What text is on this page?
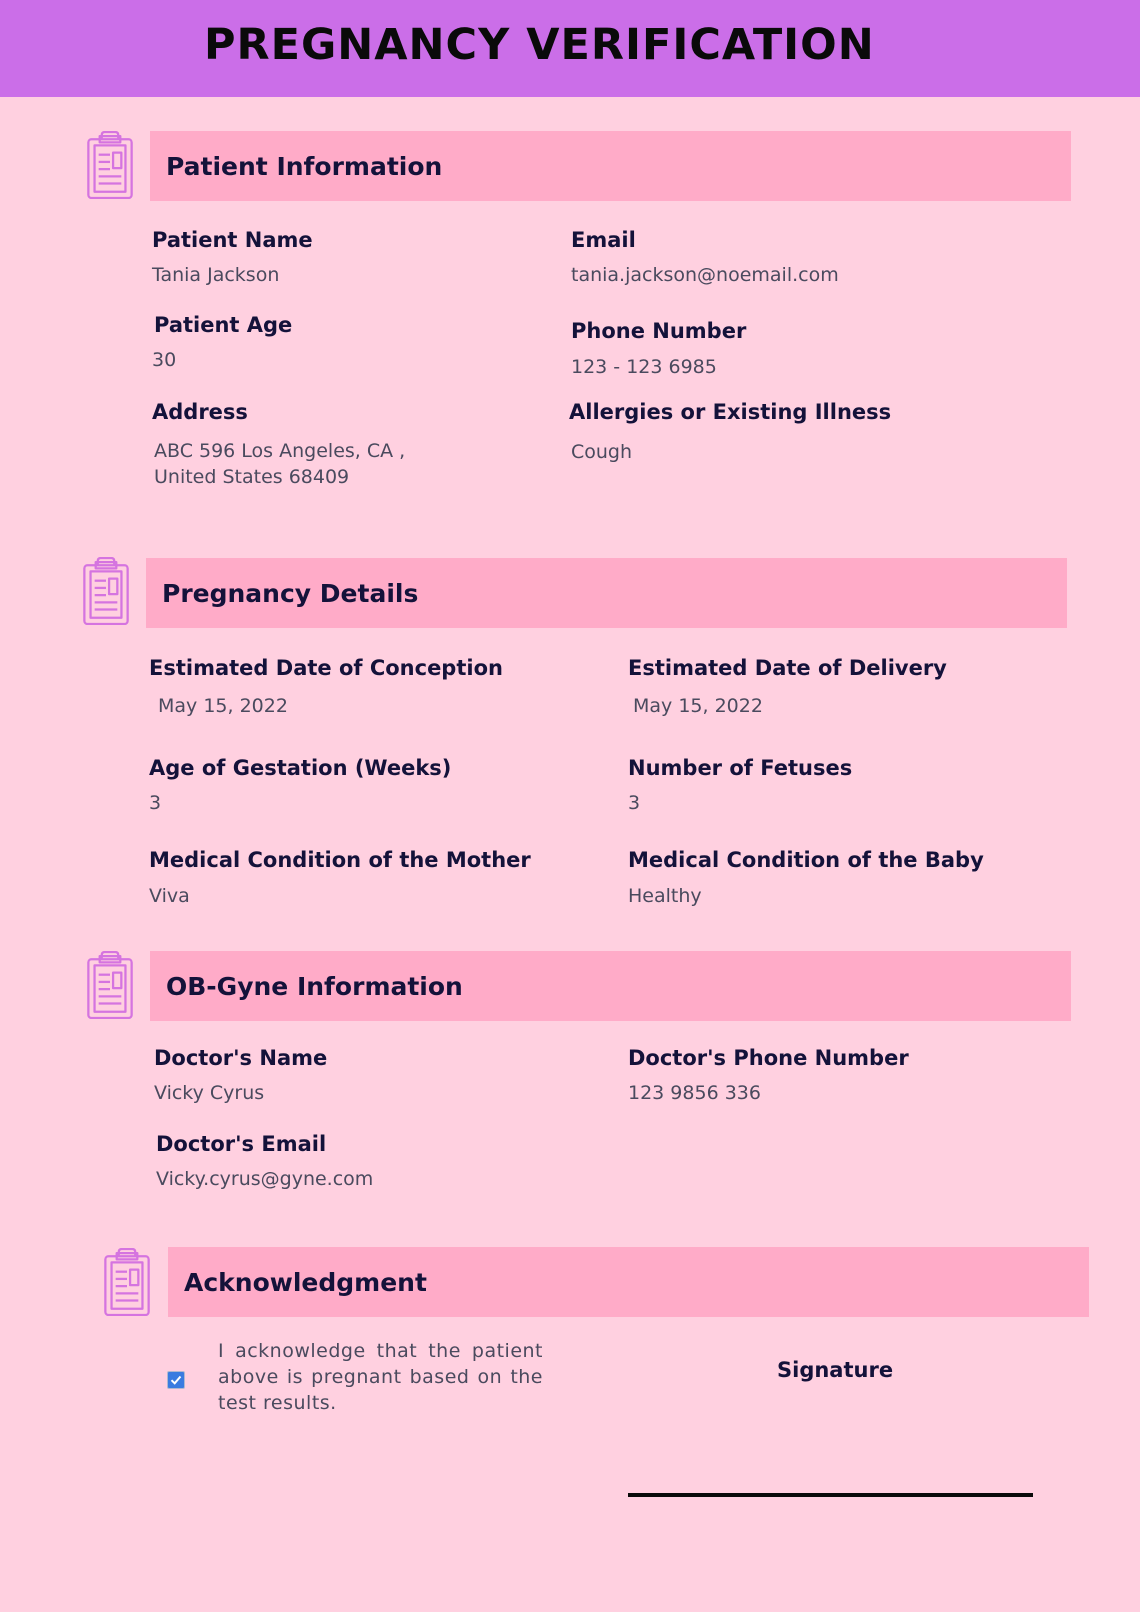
PREGNANCY VERIFICATION
Patient Information
Patient Name
Tania Jackson
Email
tania.jackson@noemail.com
Patient Age
30
Phone Number
123 - 123 6985
Address
ABC 596 Los Angeles, CA , United States 68409
Allergies or Existing Illness
Cough
Pregnancy Details
Estimated Date of Conception
May 15, 2022
Estimated Date of Delivery
May 15, 2022
Age of Gestation (Weeks)
3
Number of Fetuses
3
Medical Condition of the Mother
Viva
Medical Condition of the Baby
Healthy
OB-Gyne Information
Doctor's Name
Vicky Cyrus
Doctor's Phone Number
123 9856 336
Doctor's Email
Vicky.cyrus@gyne.com
Acknowledgment
I acknowledge that the patient above is pregnant based on the test results.
Signature
